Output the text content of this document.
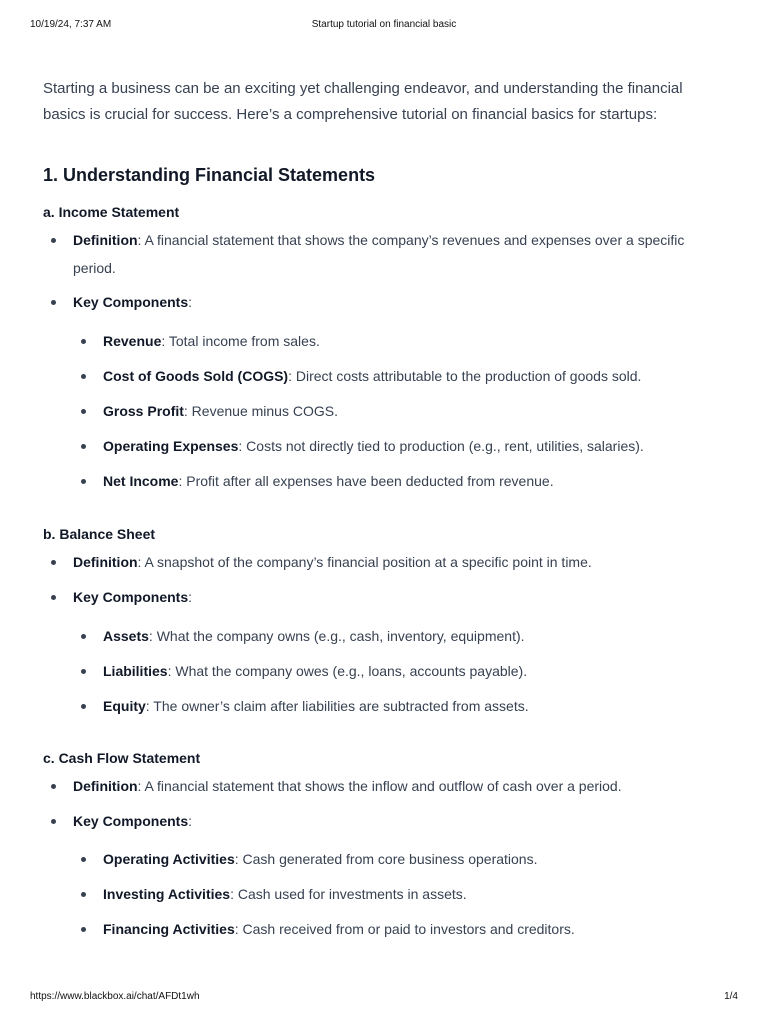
10/19/24, 7:37 AM	Startup tutorial on financial basic

Starting a business can be an exciting yet challenging endeavor, and understanding the financial basics is crucial for success. Here’s a comprehensive tutorial on financial basics for startups:

1. Understanding Financial Statements
a. Income Statement
Definition: A financial statement that shows the company’s revenues and expenses over a specific period.
Key Components:
Revenue: Total income from sales.
Cost of Goods Sold (COGS): Direct costs attributable to the production of goods sold.
Gross Profit: Revenue minus COGS.
Operating Expenses: Costs not directly tied to production (e.g., rent, utilities, salaries).
Net Income: Profit after all expenses have been deducted from revenue.
b. Balance Sheet
Definition: A snapshot of the company’s financial position at a specific point in time.
Key Components:
Assets: What the company owns (e.g., cash, inventory, equipment).
Liabilities: What the company owes (e.g., loans, accounts payable).
Equity: The owner’s claim after liabilities are subtracted from assets.
c. Cash Flow Statement
Definition: A financial statement that shows the inflow and outflow of cash over a period.
Key Components:
Operating Activities: Cash generated from core business operations.
Investing Activities: Cash used for investments in assets.
Financing Activities: Cash received from or paid to investors and creditors.
https://www.blackbox.ai/chat/AFDt1wh	1/4
